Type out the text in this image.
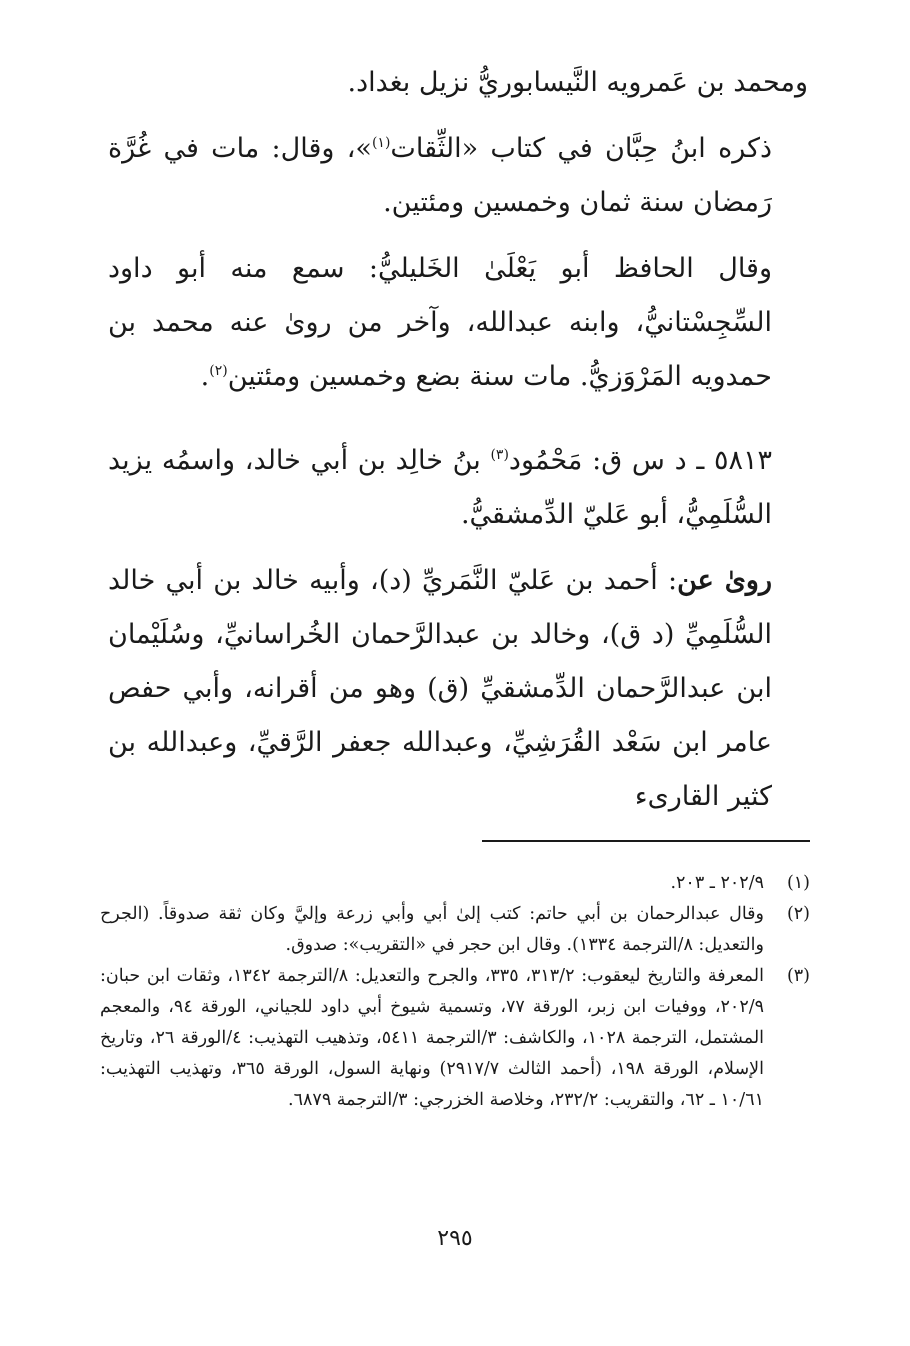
ومحمد بن عَمرويه النَّيسابوريُّ نزيل بغداد.

ذكره ابنُ حِبَّان في كتاب «الثِّقات$^{(١)}$»، وقال: مات في غُرَّة رَمضان سنة ثمان وخمسين ومئتين.

وقال الحافظ أبو يَعْلَىٰ الخَليليُّ: سمع منه أبو داود السِّجِسْتانيُّ، وابنه عبدالله، وآخر من روىٰ عنه محمد بن حمدويه المَرْوَزيُّ. مات سنة بضع وخمسين ومئتين$^{(٢)}$.

٥٨١٣ ـ د س ق: مَحْمُود$^{(٣)}$ بنُ خالِد بن أبي خالد، واسمُه يزيد السُّلَمِيُّ، أبو عَليّ الدِّمشقيُّ.

روىٰ عن: أحمد بن عَليّ النَّمَريِّ (د)، وأبيه خالد بن أبي خالد السُّلَمِيِّ (د ق)، وخالد بن عبدالرَّحمان الخُراسانيِّ، وسُلَيْمان ابن عبدالرَّحمان الدِّمشقيِّ (ق) وهو من أقرانه، وأبي حفص عامر ابن سَعْد القُرَشِيِّ، وعبدالله جعفر الرَّقيِّ، وعبدالله بن كثير القارىء

(١)
٢٠٢/٩ ـ ٢٠٣.
(٢)
وقال عبدالرحمان بن أبي حاتم: كتب إلىٰ أبي وأبي زرعة وإليَّ وكان ثقة صدوقاً. (الجرح والتعديل: ٨/الترجمة ١٣٣٤). وقال ابن حجر في «التقريب»: صدوق.
(٣)
المعرفة والتاريخ ليعقوب: ٣١٣/٢، ٣٣٥، والجرح والتعديل: ٨/الترجمة ١٣٤٢، وثقات ابن حبان: ٢٠٢/٩، ووفيات ابن زبر، الورقة ٧٧، وتسمية شيوخ أبي داود للجياني، الورقة ٩٤، والمعجم المشتمل، الترجمة ١٠٢٨، والكاشف: ٣/الترجمة ٥٤١١، وتذهيب التهذيب: ٤/الورقة ٢٦، وتاريخ الإسلام، الورقة ١٩٨، (أحمد الثالث ٢٩١٧/٧) ونهاية السول، الورقة ٣٦٥، وتهذيب التهذيب: ١٠/٦١ ـ ٦٢، والتقريب: ٢٣٢/٢، وخلاصة الخزرجي: ٣/الترجمة ٦٨٧٩.
٢٩٥
